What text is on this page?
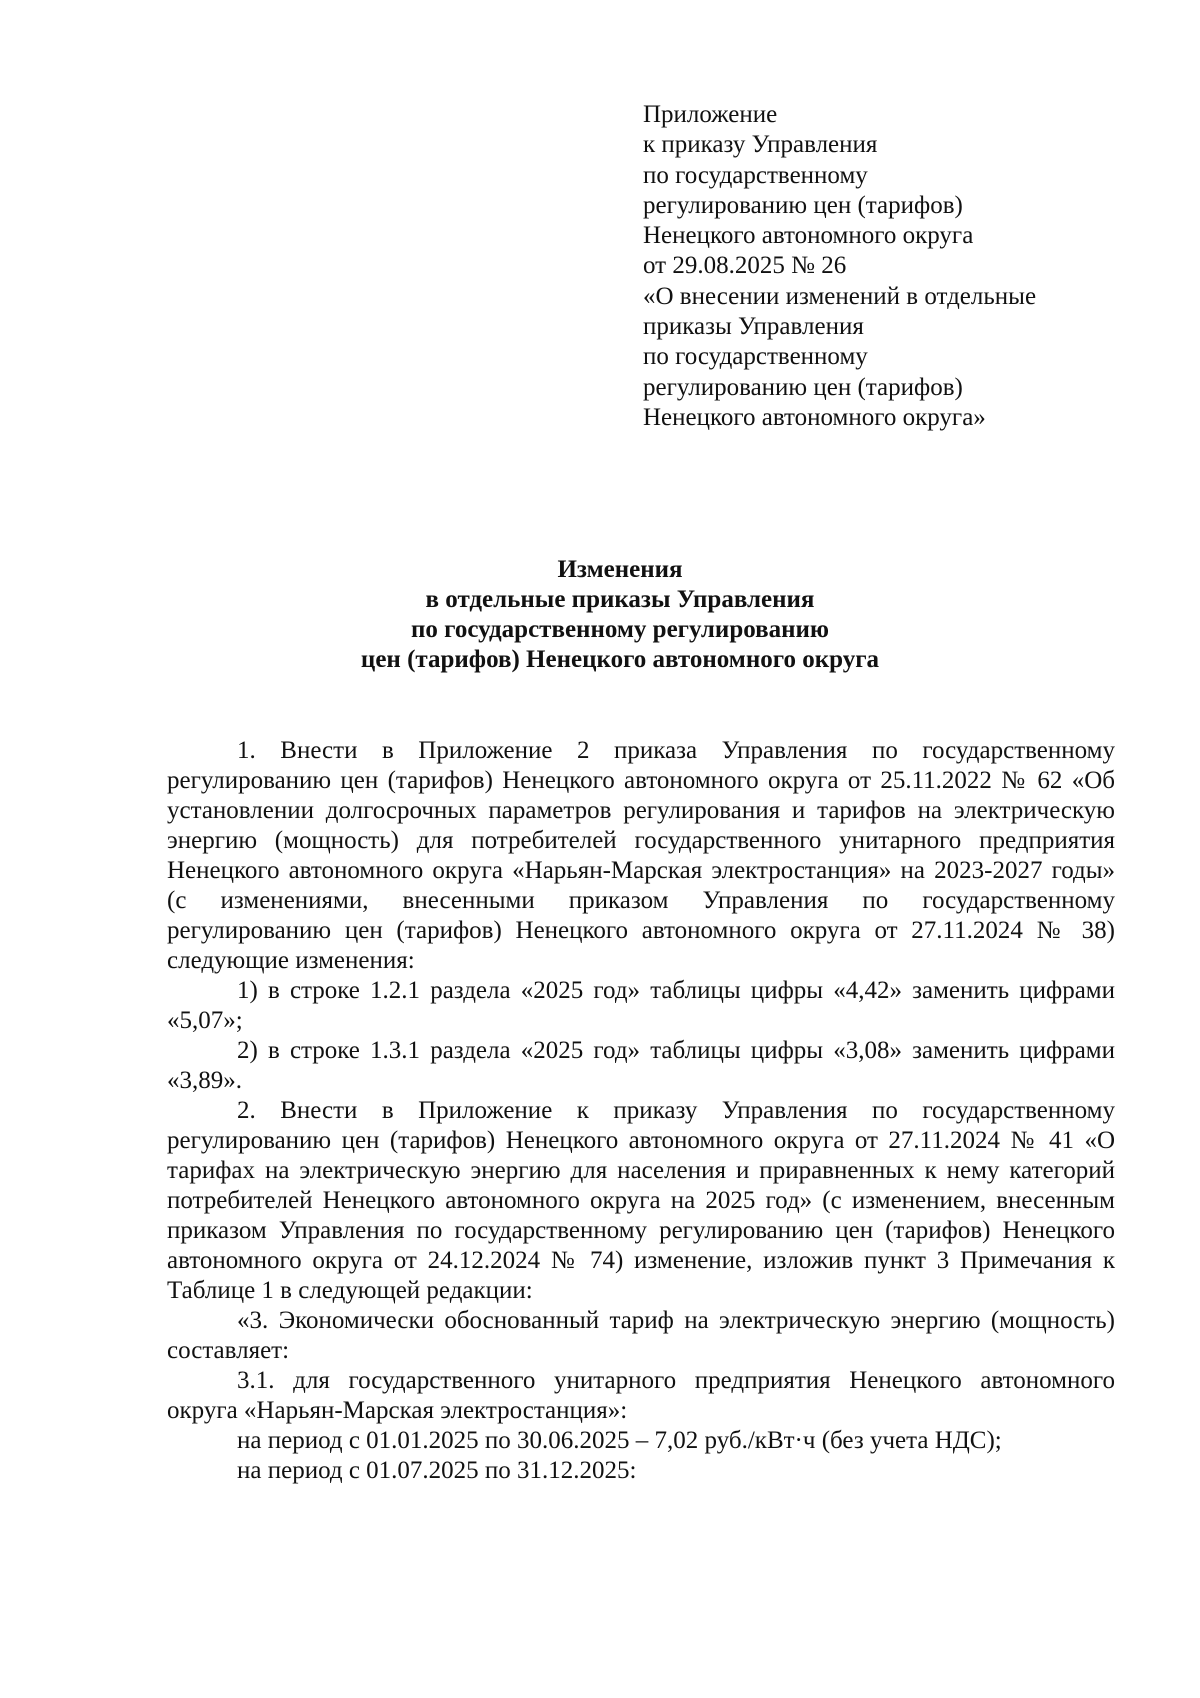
Приложение
к приказу Управления
по государственному
регулированию цен (тарифов)
Ненецкого автономного округа
от 29.08.2025 № 26
«О внесении изменений в отдельные
приказы Управления
по государственному
регулированию цен (тарифов)
Ненецкого автономного округа»
Изменения
в отдельные приказы Управления
по государственному регулированию
цен (тарифов) Ненецкого автономного округа

1. Внести в Приложение 2 приказа Управления по государственному регулированию цен (тарифов) Ненецкого автономного округа от 25.11.2022 № 62 «Об установлении долгосрочных параметров регулирования и тарифов на электрическую энергию (мощность) для потребителей государственного унитарного предприятия Ненецкого автономного округа «Нарьян-Марская электростанция» на 2023-2027 годы» (с изменениями, внесенными приказом Управления по государственному регулированию цен (тарифов) Ненецкого автономного округа от 27.11.2024 № 38) следующие изменения:

1) в строке 1.2.1 раздела «2025 год» таблицы цифры «4,42» заменить цифрами «5,07»;

2) в строке 1.3.1 раздела «2025 год» таблицы цифры «3,08» заменить цифрами «3,89».

2. Внести в Приложение к приказу Управления по государственному регулированию цен (тарифов) Ненецкого автономного округа от 27.11.2024 № 41 «О тарифах на электрическую энергию для населения и приравненных к нему категорий потребителей Ненецкого автономного округа на 2025 год» (с изменением, внесенным приказом Управления по государственному регулированию цен (тарифов) Ненецкого автономного округа от 24.12.2024 № 74) изменение, изложив пункт 3 Примечания к Таблице 1 в следующей редакции:

«3. Экономически обоснованный тариф на электрическую энергию (мощность) составляет:

3.1. для государственного унитарного предприятия Ненецкого автономного округа «Нарьян-Марская электростанция»:

на период с 01.01.2025 по 30.06.2025 – 7,02 руб./кВт·ч (без учета НДС);

на период с 01.07.2025 по 31.12.2025:
